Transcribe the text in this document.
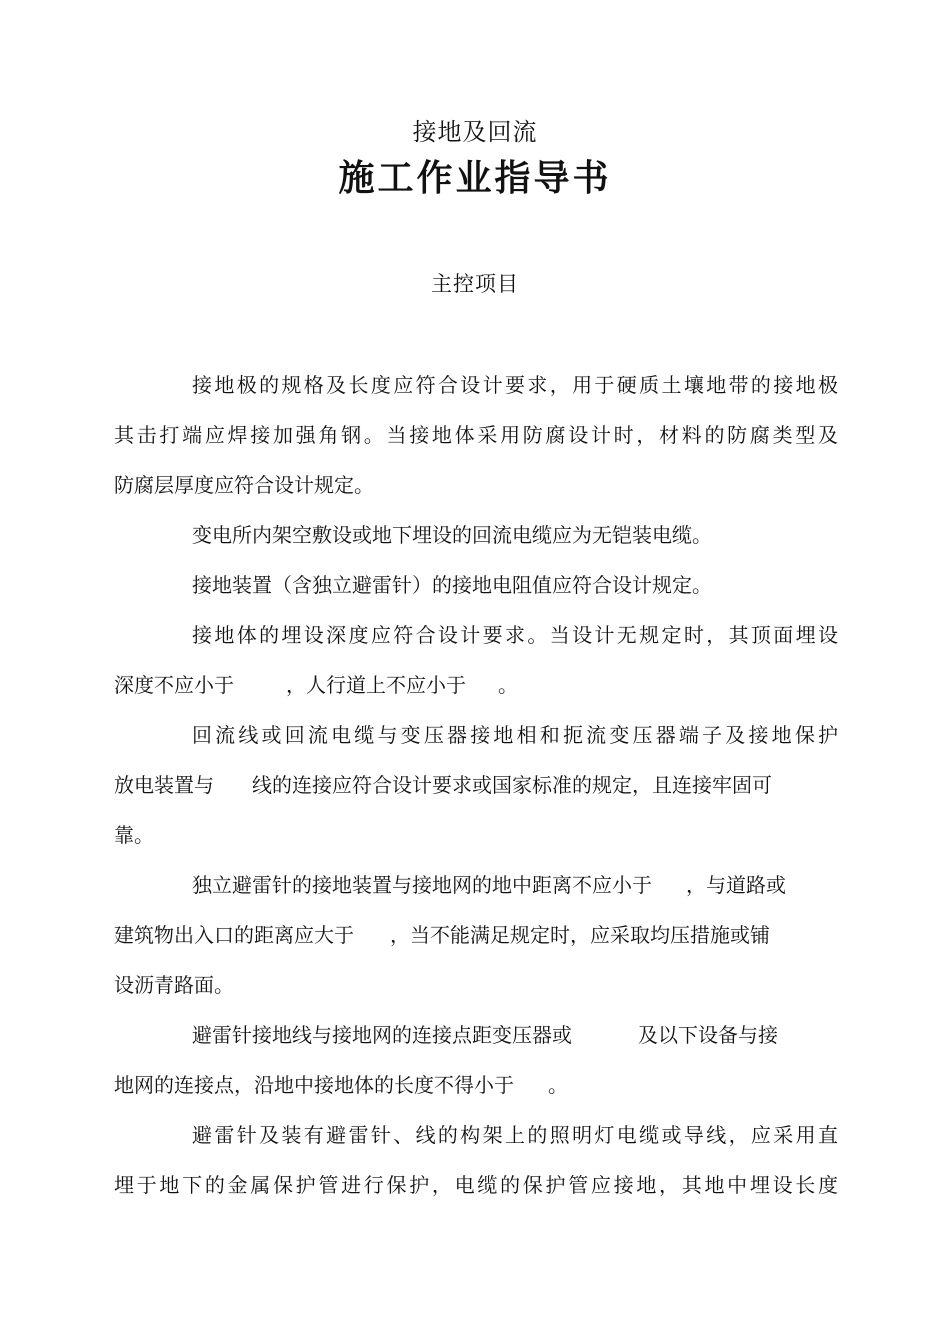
接地及回流
施工作业指导书
主控项目
接地极的规格及长度应符合设计要求，用于硬质土壤地带的接地极
其击打端应焊接加强角钢。当接地体采用防腐设计时，材料的防腐类型及
防腐层厚度应符合设计规定。
变电所内架空敷设或地下埋设的回流电缆应为无铠装电缆。
接地装置（含独立避雷针）的接地电阻值应符合设计规定。
接地体的埋设深度应符合设计要求。当设计无规定时，其顶面埋设
深度不应小于	，人行道上不应小于 。
回流线或回流电缆与变压器接地相和扼流变压器端子及接地保护
放电装置与 线的连接应符合设计要求或国家标准的规定，且连接牢固可
靠。
独立避雷针的接地装置与接地网的地中距离不应小于 ，与道路或
建筑物出入口的距离应大于 ，当不能满足规定时，应采取均压措施或铺
设沥青路面。
避雷针接地线与接地网的连接点距变压器或	及以下设备与接
地网的连接点，沿地中接地体的长度不得小于 。
避雷针及装有避雷针、线的构架上的照明灯电缆或导线，应采用直
埋于地下的金属保护管进行保护，电缆的保护管应接地，其地中埋设长度
